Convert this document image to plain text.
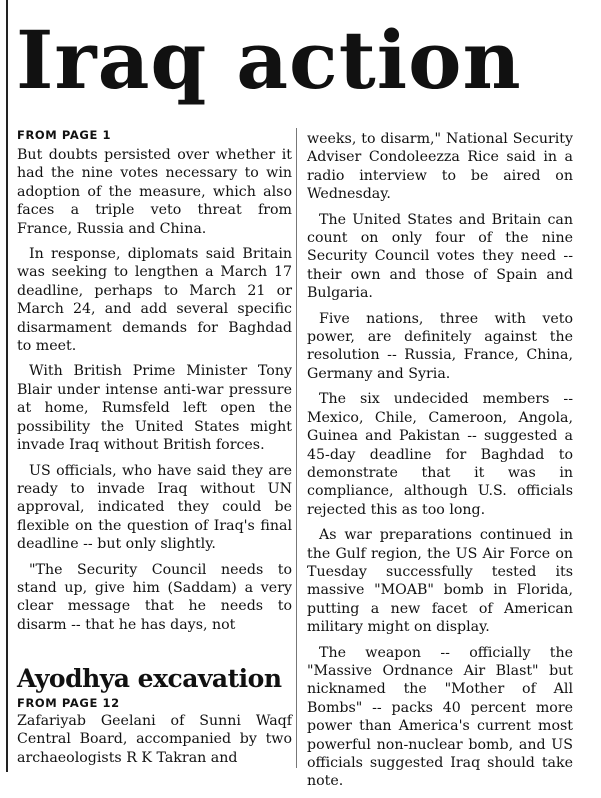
Iraq action
FROM PAGE 1

But doubts persisted over whether it had the nine votes necessary to win adoption of the measure, which also faces a triple veto threat from France, Russia and China.

In response, diplomats said Britain was seeking to lengthen a March 17 deadline, perhaps to March 21 or March 24, and add several specific disarmament demands for Baghdad to meet.

With British Prime Minister Tony Blair under intense anti-war pressure at home, Rumsfeld left open the possibility the United States might invade Iraq without British forces.

US officials, who have said they are ready to invade Iraq without UN approval, indicated they could be flexible on the question of Iraq's final deadline -- but only slightly.

"The Security Council needs to stand up, give him (Saddam) a very clear message that he needs to disarm -- that he has days, not

weeks, to disarm," National Security Adviser Condoleezza Rice said in a radio interview to be aired on Wednesday.

The United States and Britain can count on only four of the nine Security Council votes they need -- their own and those of Spain and Bulgaria.

Five nations, three with veto power, are definitely against the resolution -- Russia, France, China, Germany and Syria.

The six undecided members -- Mexico, Chile, Cameroon, Angola, Guinea and Pakistan -- suggested a 45-day deadline for Baghdad to demonstrate that it was in compliance, although U.S. officials rejected this as too long.

As war preparations continued in the Gulf region, the US Air Force on Tuesday successfully tested its massive "MOAB" bomb in Florida, putting a new facet of American military might on display.

The weapon -- officially the "Massive Ordnance Air Blast" but nicknamed the "Mother of All Bombs" -- packs 40 percent more power than America's current most powerful non-nuclear bomb, and US officials suggested Iraq should take note.

Ayodhya excavation
FROM PAGE 12

Zafariyab Geelani of Sunni Waqf Central Board, accompanied by two archaeologists R K Takran and
